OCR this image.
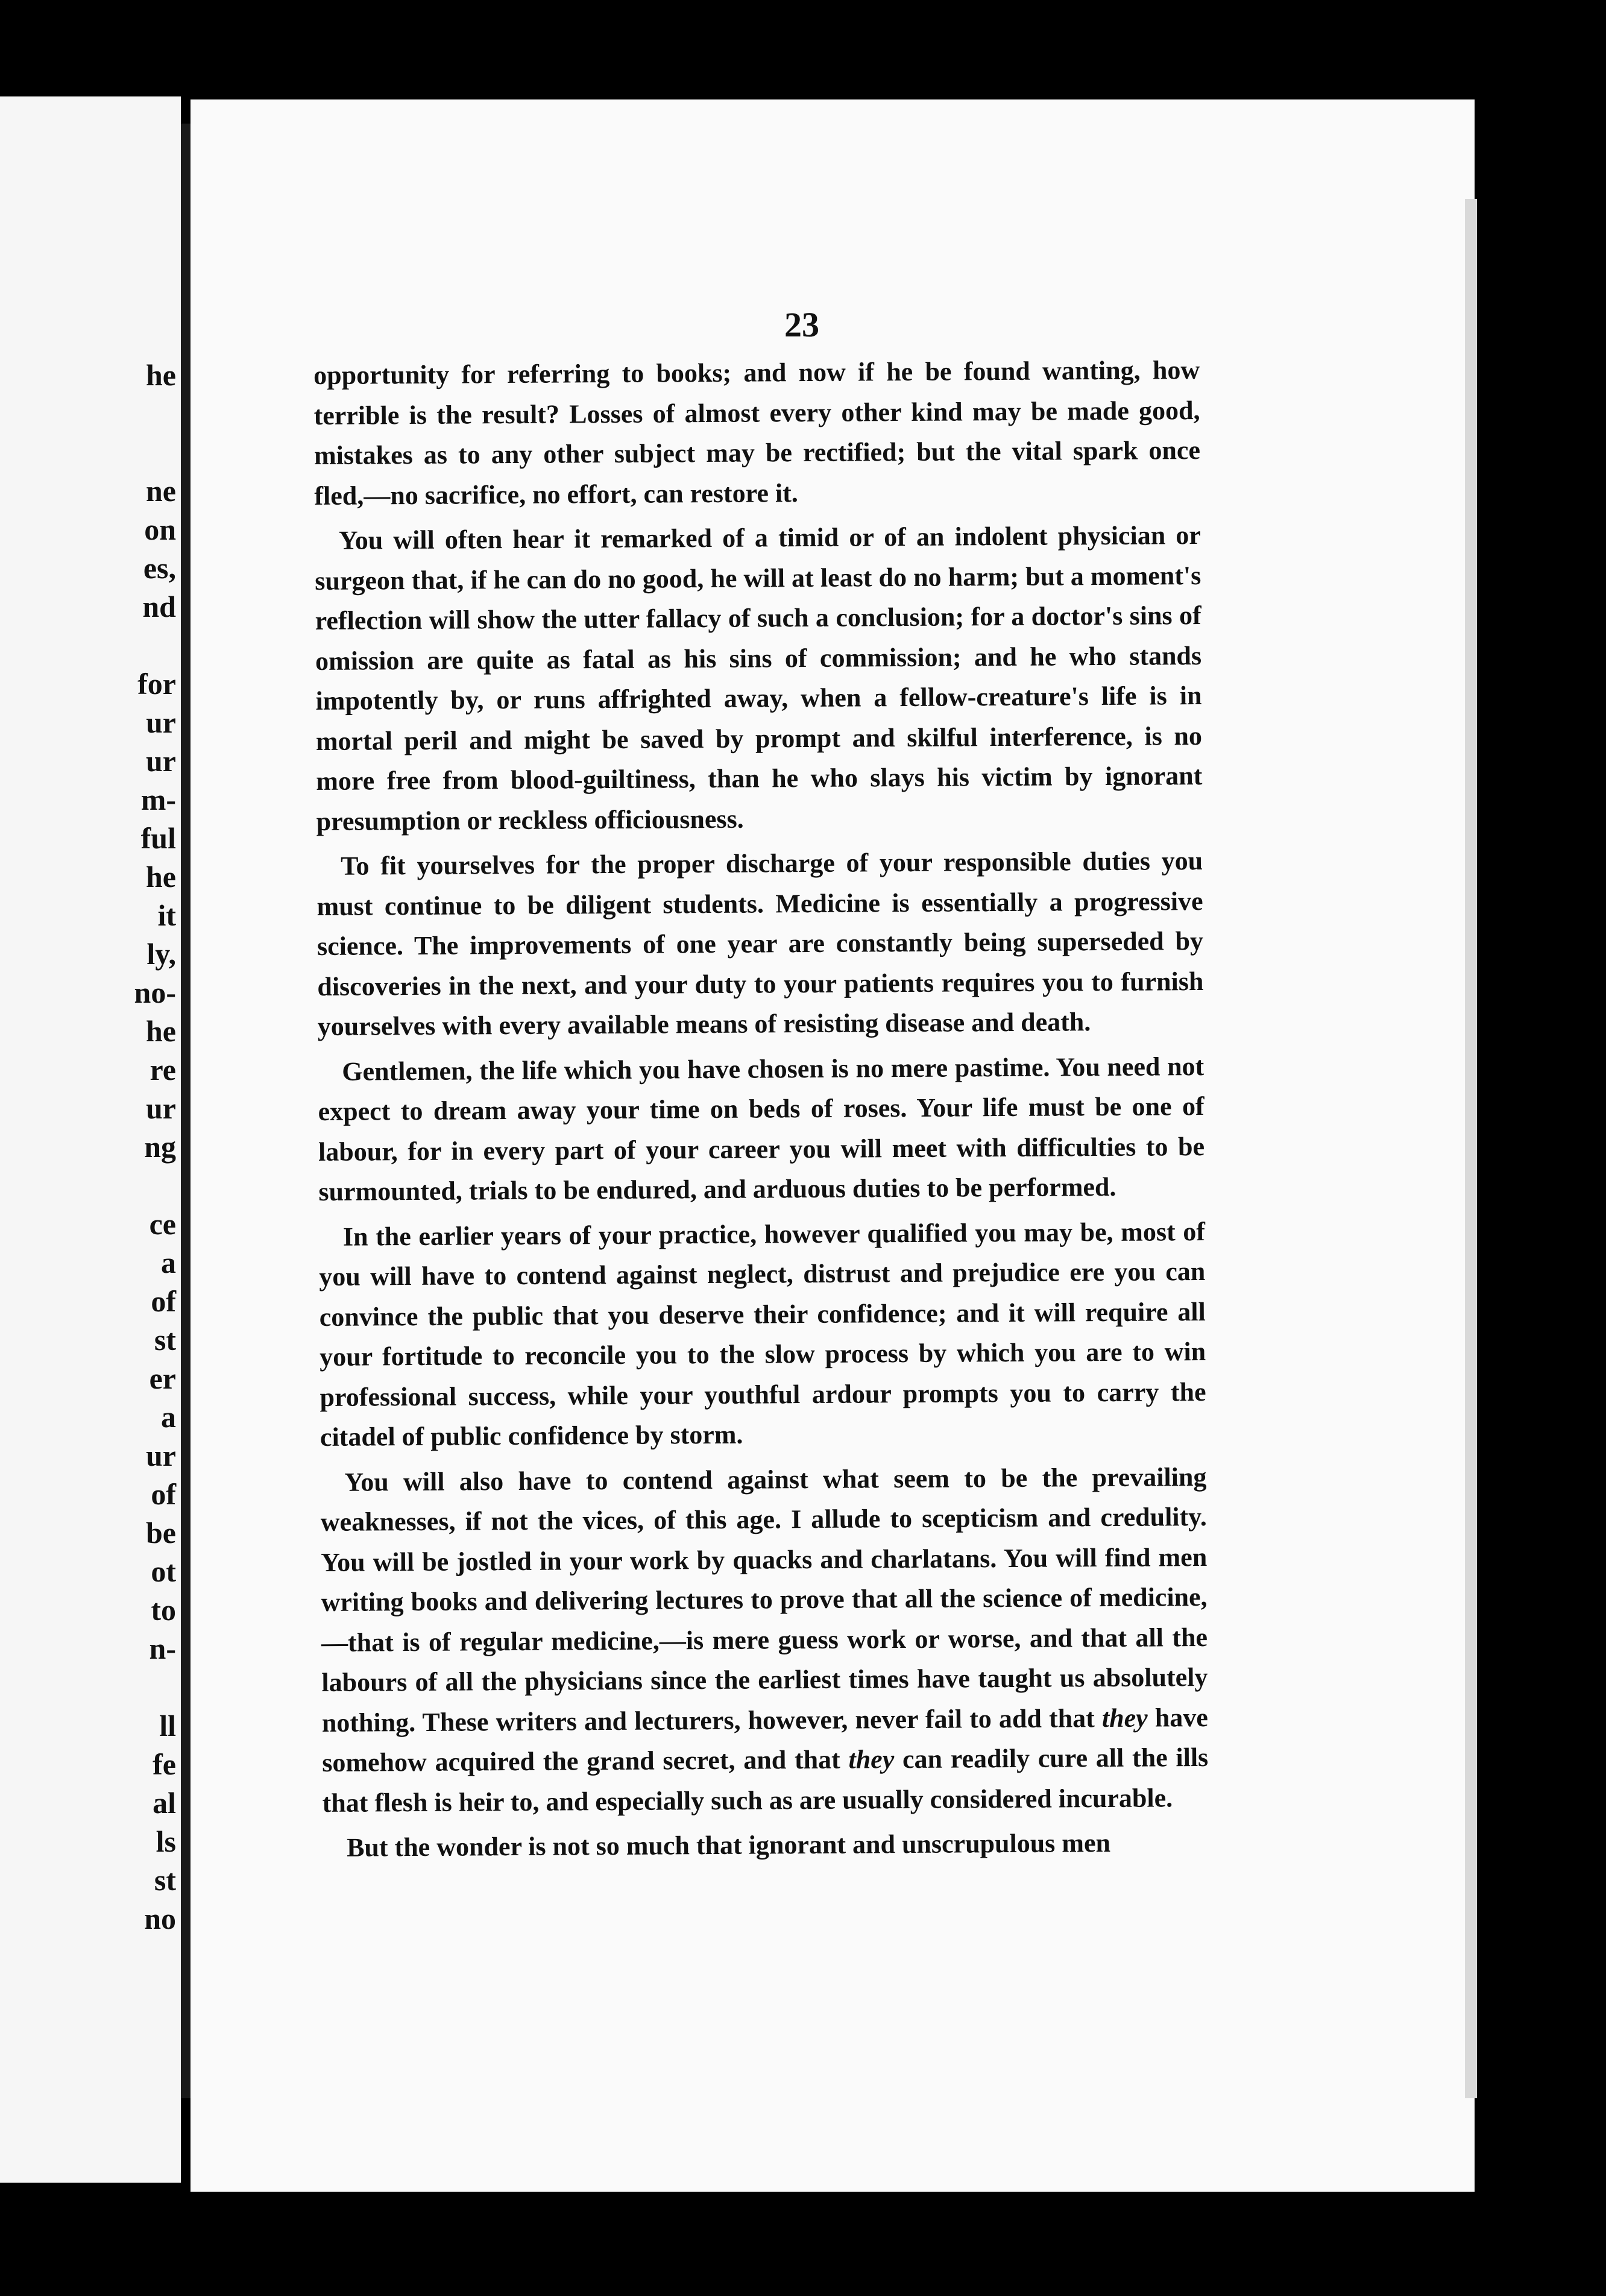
he
ne
on
es,
nd
for
ur
ur
m-
ful
he
it
ly,
no-
he
re
ur
ng
ce
a
of
st
er
a
ur
of
be
ot
to
n-
ll
fe
al
ls
st
no
23

opportunity for referring to books; and now if he be found wanting, how terrible is the result? Losses of almost every other kind may be made good, mistakes as to any other subject may be rectified; but the vital spark once fled,—no sacrifice, no effort, can restore it.

You will often hear it remarked of a timid or of an indolent physician or surgeon that, if he can do no good, he will at least do no harm; but a moment's reflection will show the utter fallacy of such a conclusion; for a doctor's sins of omission are quite as fatal as his sins of commission; and he who stands impotently by, or runs affrighted away, when a fellow-creature's life is in mortal peril and might be saved by prompt and skilful interference, is no more free from blood-guiltiness, than he who slays his victim by ignorant presumption or reckless officiousness.

To fit yourselves for the proper discharge of your responsible duties you must continue to be diligent students. Medicine is essentially a progressive science. The improvements of one year are constantly being superseded by discoveries in the next, and your duty to your patients requires you to furnish yourselves with every available means of resisting disease and death.

Gentlemen, the life which you have chosen is no mere pastime. You need not expect to dream away your time on beds of roses. Your life must be one of labour, for in every part of your career you will meet with difficulties to be surmounted, trials to be endured, and arduous duties to be performed.

In the earlier years of your practice, however qualified you may be, most of you will have to contend against neglect, distrust and prejudice ere you can convince the public that you deserve their confidence; and it will require all your fortitude to reconcile you to the slow process by which you are to win professional success, while your youthful ardour prompts you to carry the citadel of public confidence by storm.

You will also have to contend against what seem to be the prevailing weaknesses, if not the vices, of this age. I allude to scepticism and credulity. You will be jostled in your work by quacks and charlatans. You will find men writing books and delivering lectures to prove that all the science of medicine,—that is of regular medicine,—is mere guess work or worse, and that all the labours of all the physicians since the earliest times have taught us absolutely nothing. These writers and lecturers, however, never fail to add that they have somehow acquired the grand secret, and that they can readily cure all the ills that flesh is heir to, and especially such as are usually considered incurable.

But the wonder is not so much that ignorant and unscrupulous men
